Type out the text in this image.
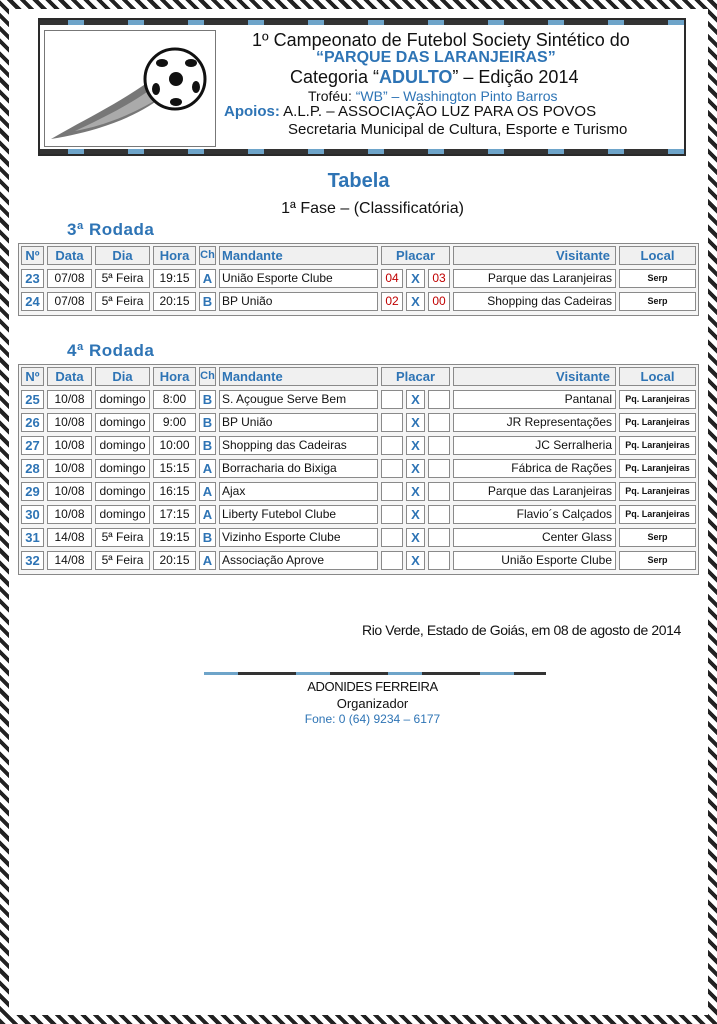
1º Campeonato de Futebol Society Sintético do
“PARQUE DAS LARANJEIRAS”
Categoria “ADULTO” – Edição 2014
Troféu: “WB” – Washington Pinto Barros
Apoios: A.L.P. – ASSOCIAÇÃO LUZ PARA OS POVOS
Secretaria Municipal de Cultura, Esporte e Turismo
Tabela
1ª Fase – (Classificatória)
3ª Rodada
Nº	Data	Dia	Hora Ch Mandante	Placar	Visitante	Local
23	07/08	5ª Feira	19:15	A União Esporte Clube	04 X	03	Parque das Laranjeiras	Serp
24	07/08	5ª Feira	20:15	B BP União	02 X	00	Shopping das Cadeiras	Serp
4ª Rodada
Nº	Data	Dia	Hora Ch Mandante	Placar	Visitante	Local
25	10/08	domingo	8:00	B S. Açougue Serve Bem	X	Pantanal	Pq. Laranjeiras
26	10/08	domingo	9:00	B BP União	X	JR Representações	Pq. Laranjeiras
27	10/08	domingo	10:00	B Shopping das Cadeiras	X	JC Serralheria	Pq. Laranjeiras
28	10/08	domingo	15:15	A Borracharia do Bixiga	X	Fábrica de Rações	Pq. Laranjeiras
29	10/08	domingo	16:15	A Ajax	X	Parque das Laranjeiras	Pq. Laranjeiras
30	10/08	domingo	17:15	A Liberty Futebol Clube	X	Flavio´s Calçados	Pq. Laranjeiras
31	14/08	5ª Feira	19:15	B Vizinho Esporte Clube	X	Center Glass	Serp
32	14/08	5ª Feira	20:15	A Associação Aprove	X	União Esporte Clube	Serp
Rio Verde, Estado de Goiás, em 08 de agosto de 2014
ADONIDES FERREIRA
Organizador
Fone: 0 (64) 9234 – 6177
